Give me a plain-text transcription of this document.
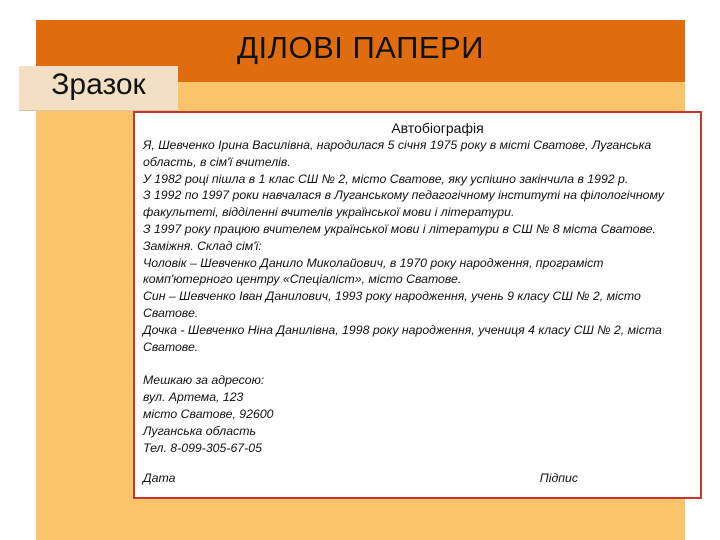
ДІЛОВІ ПАПЕРИ
Зразок
Автобіографія

Я, Шевченко Ірина Василівна, народилася 5 січня 1975 року в місті Сватове, Луганська область, в сім'ї вчителів.

У 1982 році пішла в 1 клас СШ № 2, місто Сватове, яку успішно закінчила в 1992 р.

З 1992 по 1997 роки навчалася в Луганському педагогічному інституті на філологічному факультеті, відділенні вчителів української мови і літератури.

З 1997 року працюю вчителем української мови і літератури в СШ № 8 міста Сватове.

Заміжня. Склад сім'ї:

Чоловік – Шевченко Данило Миколайович, в 1970 року народження, програміст комп'ютерного центру «Спеціаліст», місто Сватове.

Син – Шевченко Іван Данилович, 1993 року народження, учень 9 класу СШ № 2, місто Сватове.

Дочка - Шевченко Ніна Данилівна, 1998 року народження, учениця 4 класу СШ № 2, міста Сватове.

Мешкаю за адресою:

вул. Артема, 123

місто Сватове, 92600

Луганська область

Тел. 8-099-305-67-05

Дата	Підпис
